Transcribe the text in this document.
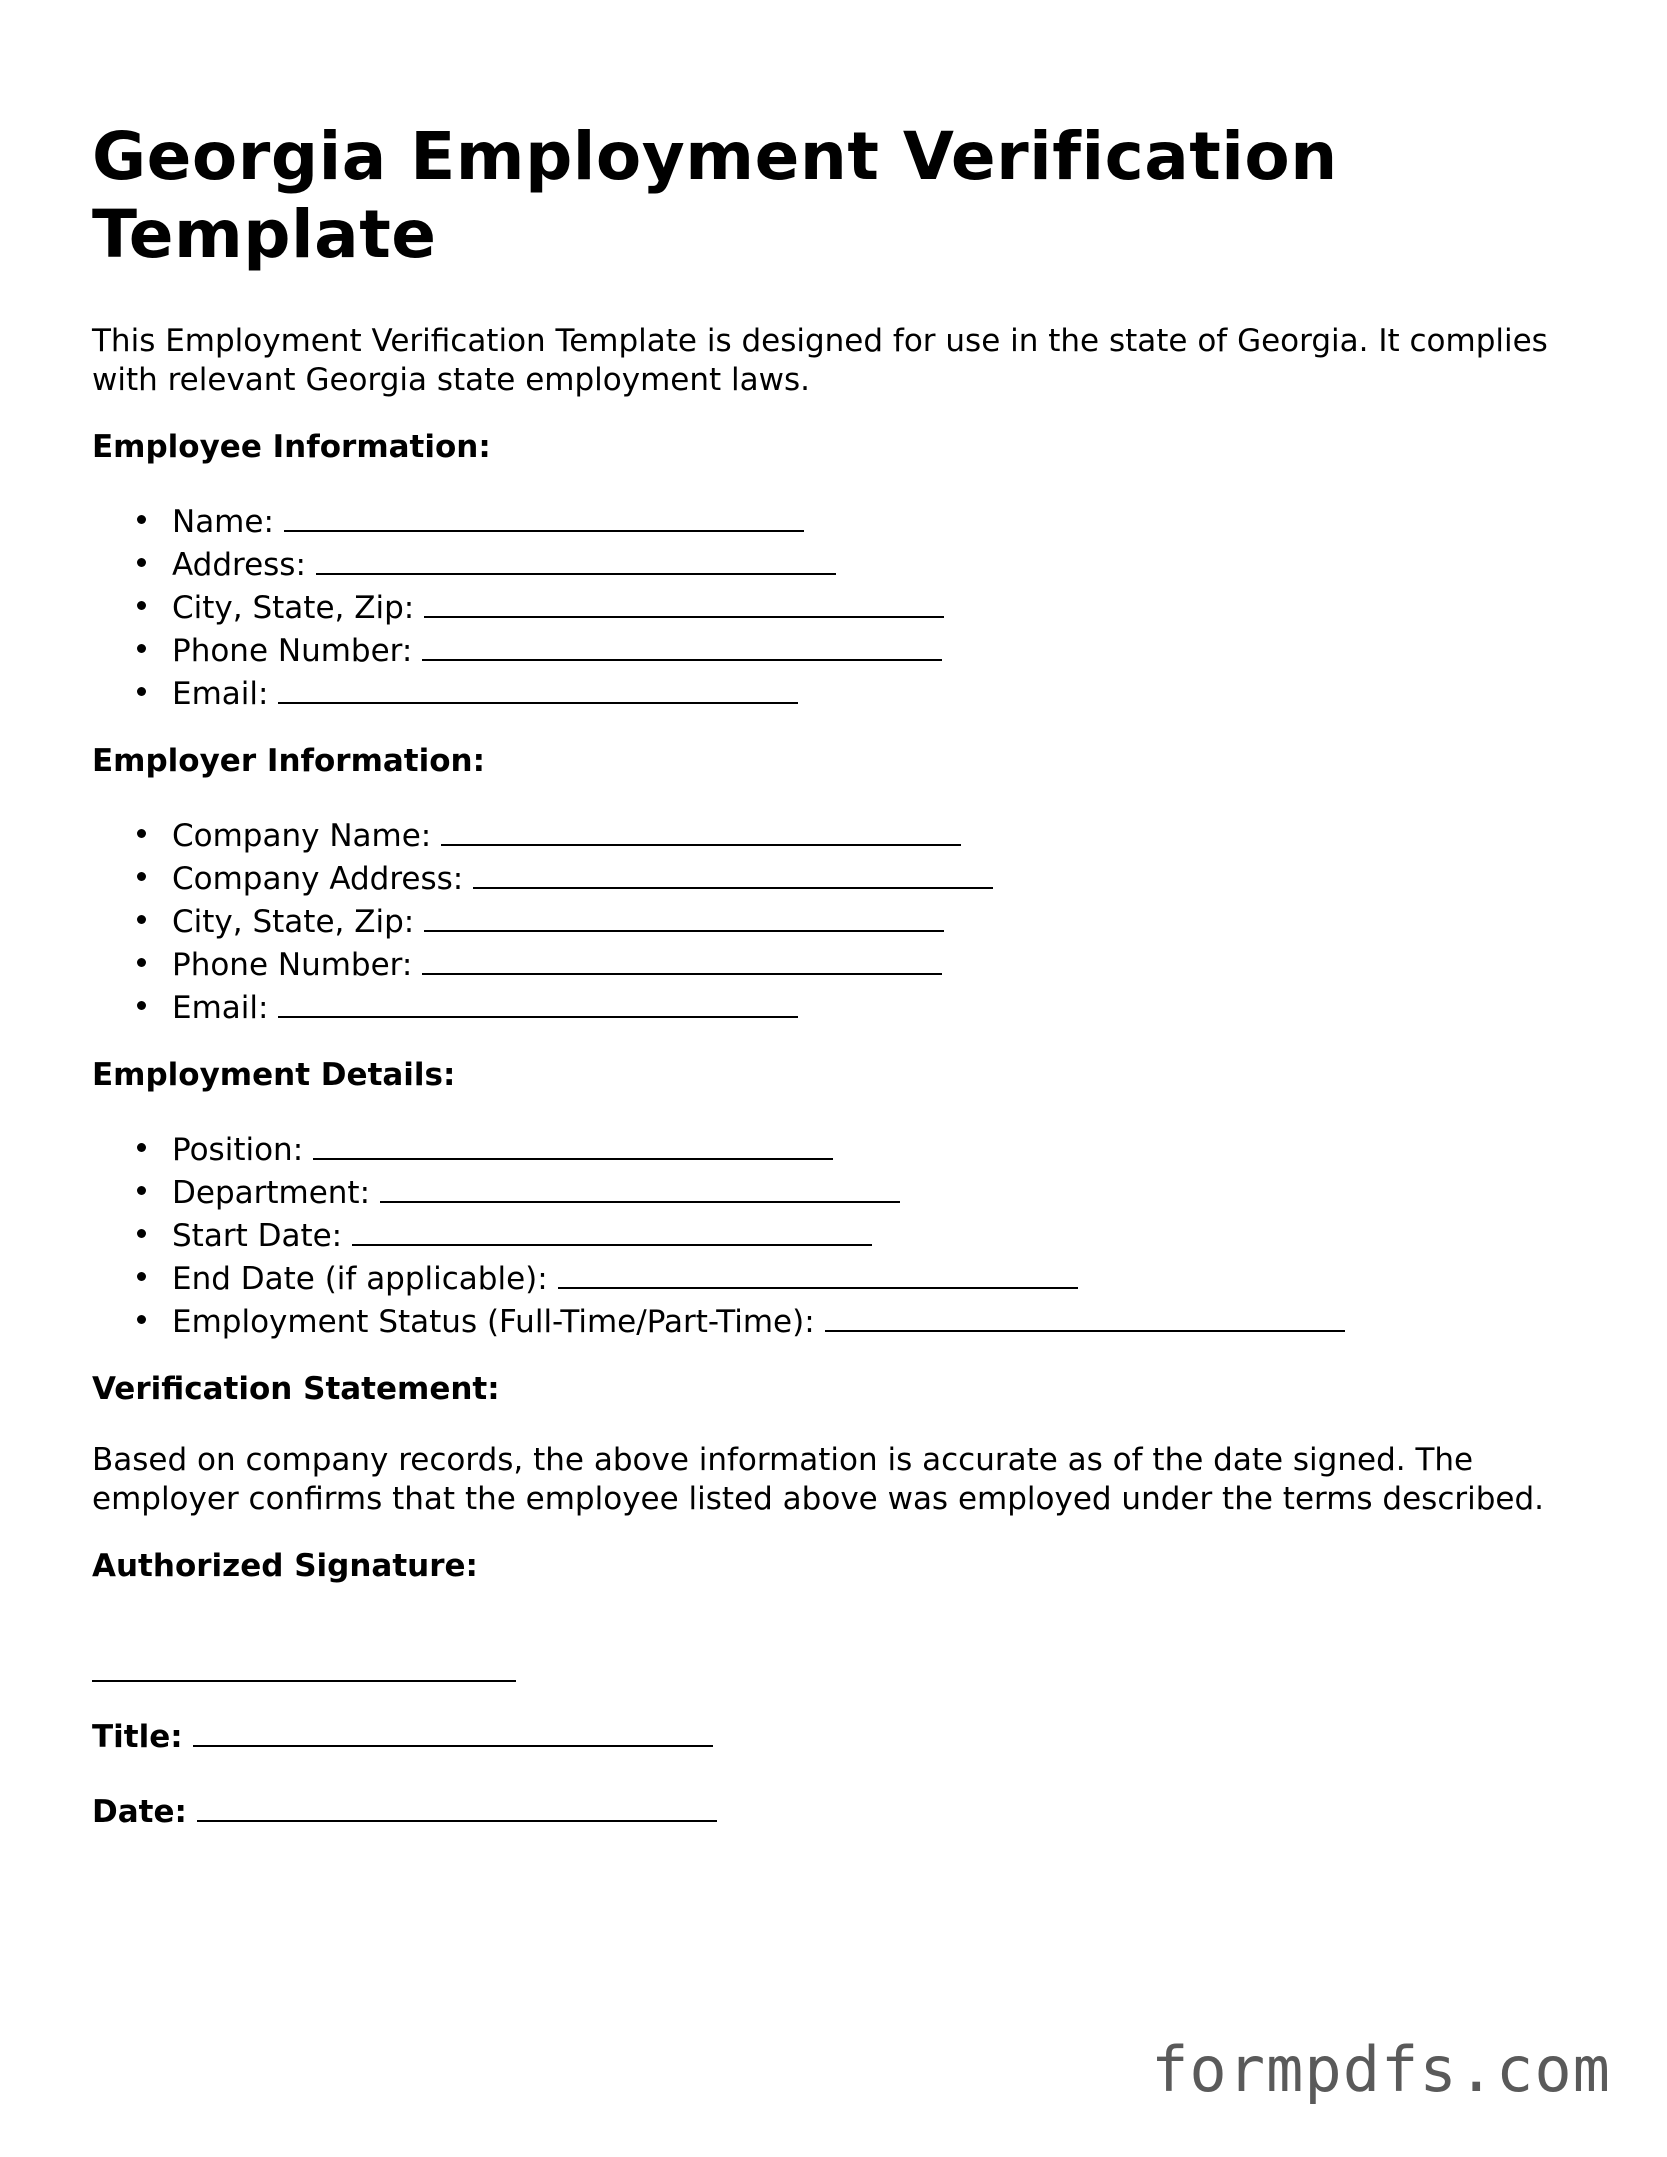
Georgia Employment Verification Template

This Employment Verification Template is designed for use in the state of Georgia. It complies with relevant Georgia state employment laws.

Employee Information:
Name:
Address:
City, State, Zip:
Phone Number:
Email:
Employer Information:
Company Name:
Company Address:
City, State, Zip:
Phone Number:
Email:
Employment Details:
Position:
Department:
Start Date:
End Date (if applicable):
Employment Status (Full-Time/Part-Time):
Verification Statement:

Based on company records, the above information is accurate as of the date signed. The employer confirms that the employee listed above was employed under the terms described.

Authorized Signature:
Title:
Date:
formpdfs.com
